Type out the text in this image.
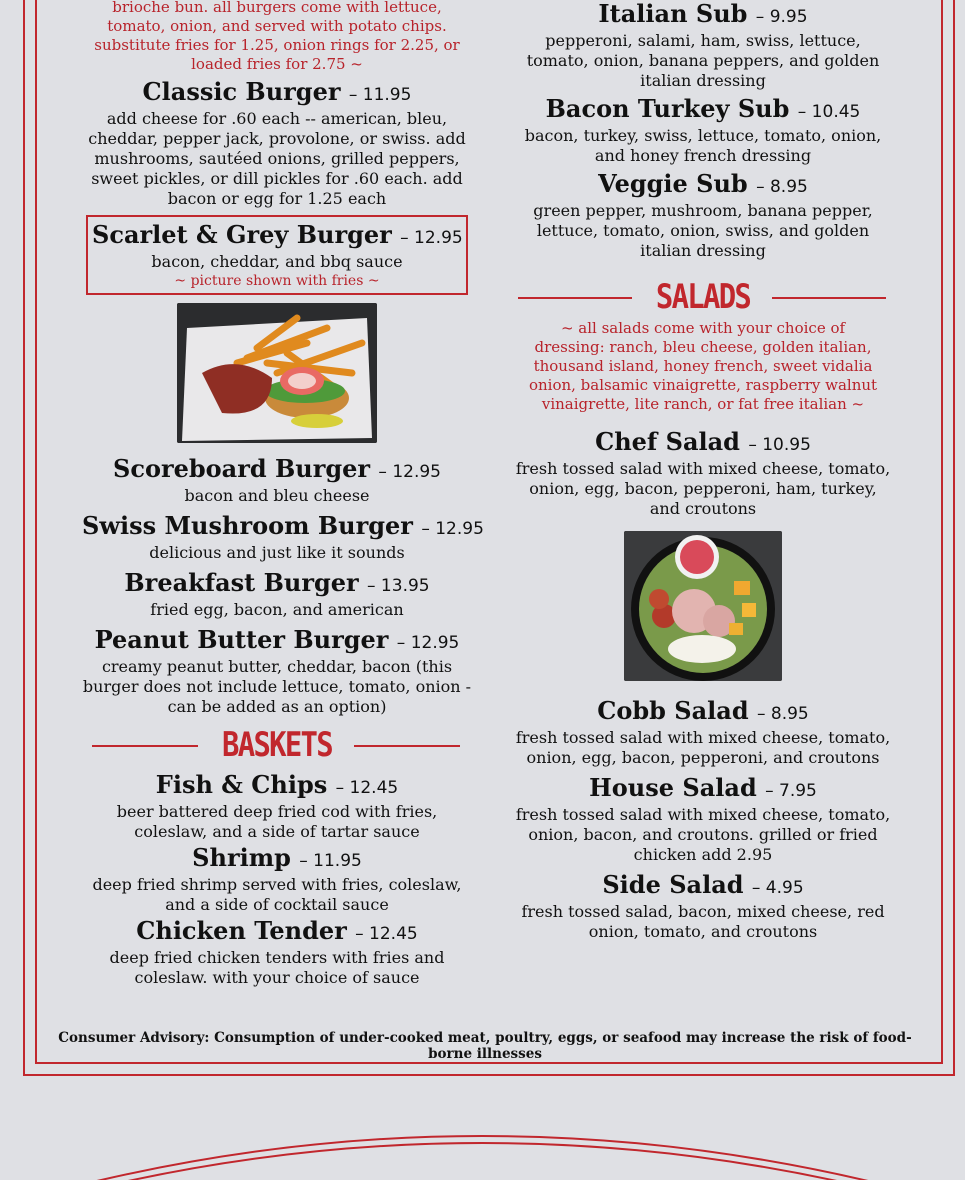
brioche bun. all burgers come with lettuce, tomato, onion, and served with potato chips. substitute fries for 1.25, onion rings for 2.25, or loaded fries for 2.75 ~

Classic Burger – 11.95

add cheese for .60 each -- american, bleu, cheddar, pepper jack, provolone, or swiss. add mushrooms, sautéed onions, grilled peppers, sweet pickles, or dill pickles for .60 each. add bacon or egg for 1.25 each

Scarlet & Grey Burger – 12.95

bacon, cheddar, and bbq sauce

~ picture shown with fries ~

Scoreboard Burger – 12.95

bacon and bleu cheese

Swiss Mushroom Burger – 12.95

delicious and just like it sounds

Breakfast Burger – 13.95

fried egg, bacon, and american

Peanut Butter Burger – 12.95

creamy peanut butter, cheddar, bacon (this burger does not include lettuce, tomato, onion - can be added as an option)

BASKETS

Fish & Chips – 12.45

beer battered deep fried cod with fries, coleslaw, and a side of tartar sauce

Shrimp – 11.95

deep fried shrimp served with fries, coleslaw, and a side of cocktail sauce

Chicken Tender – 12.45

deep fried chicken tenders with fries and coleslaw. with your choice of sauce

Italian Sub – 9.95

pepperoni, salami, ham, swiss, lettuce, tomato, onion, banana peppers, and golden italian dressing

Bacon Turkey Sub – 10.45

bacon, turkey, swiss, lettuce, tomato, onion, and honey french dressing

Veggie Sub – 8.95

green pepper, mushroom, banana pepper, lettuce, tomato, onion, swiss, and golden italian dressing

SALADS

~ all salads come with your choice of dressing: ranch, bleu cheese, golden italian, thousand island, honey french, sweet vidalia onion, balsamic vinaigrette, raspberry walnut vinaigrette, lite ranch, or fat free italian ~

Chef Salad – 10.95

fresh tossed salad with mixed cheese, tomato, onion, egg, bacon, pepperoni, ham, turkey, and croutons

Cobb Salad – 8.95

fresh tossed salad with mixed cheese, tomato, onion, egg, bacon, pepperoni, and croutons

House Salad – 7.95

fresh tossed salad with mixed cheese, tomato, onion, bacon, and croutons. grilled or fried chicken add 2.95

Side Salad – 4.95

fresh tossed salad, bacon, mixed cheese, red onion, tomato, and croutons

Consumer Advisory: Consumption of under-cooked meat, poultry, eggs, or seafood may increase the risk of food-borne illnesses
